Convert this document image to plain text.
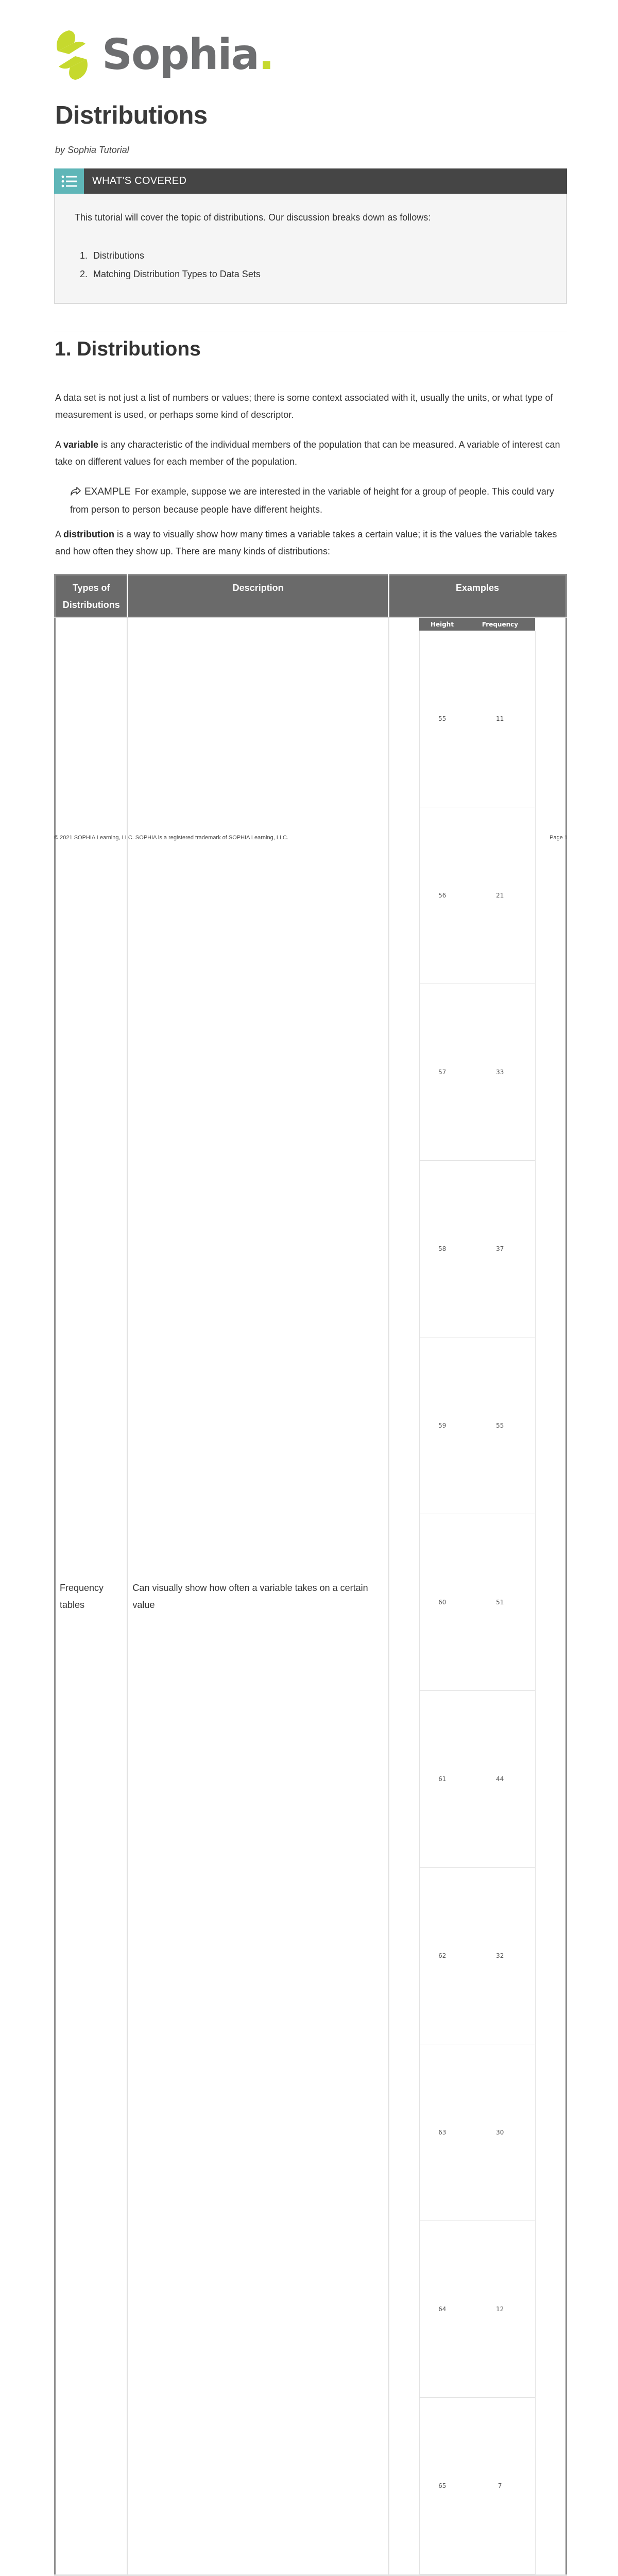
Sophia.
Distributions

by Sophia Tutorial

WHAT'S COVERED

This tutorial will cover the topic of distributions. Our discussion breaks down as follows:

1. Distributions
2. Matching Distribution Types to Data Sets
1. Distributions

A data set is not just a list of numbers or values; there is some context associated with it, usually the units, or what type of measurement is used, or perhaps some kind of descriptor.

A variable is any characteristic of the individual members of the population that can be measured. A variable of interest can take on different values for each member of the population.

EXAMPLE For example, suppose we are interested in the variable of height for a group of people. This could vary from person to person because people have different heights.

A distribution is a way to visually show how many times a variable takes a certain value; it is the values the variable takes and how often they show up. There are many kinds of distributions:

Types of Distributions	Description	Examples
Frequency tables	Can visually show how often a variable takes on a certain value	
Height	Frequency
55	11
56	21
57	33
58	37
59	55
60	51
61	44
62	32
63	30
64	12
65	7

© 2021 SOPHIA Learning, LLC. SOPHIA is a registered trademark of SOPHIA Learning, LLC.	Page 1
